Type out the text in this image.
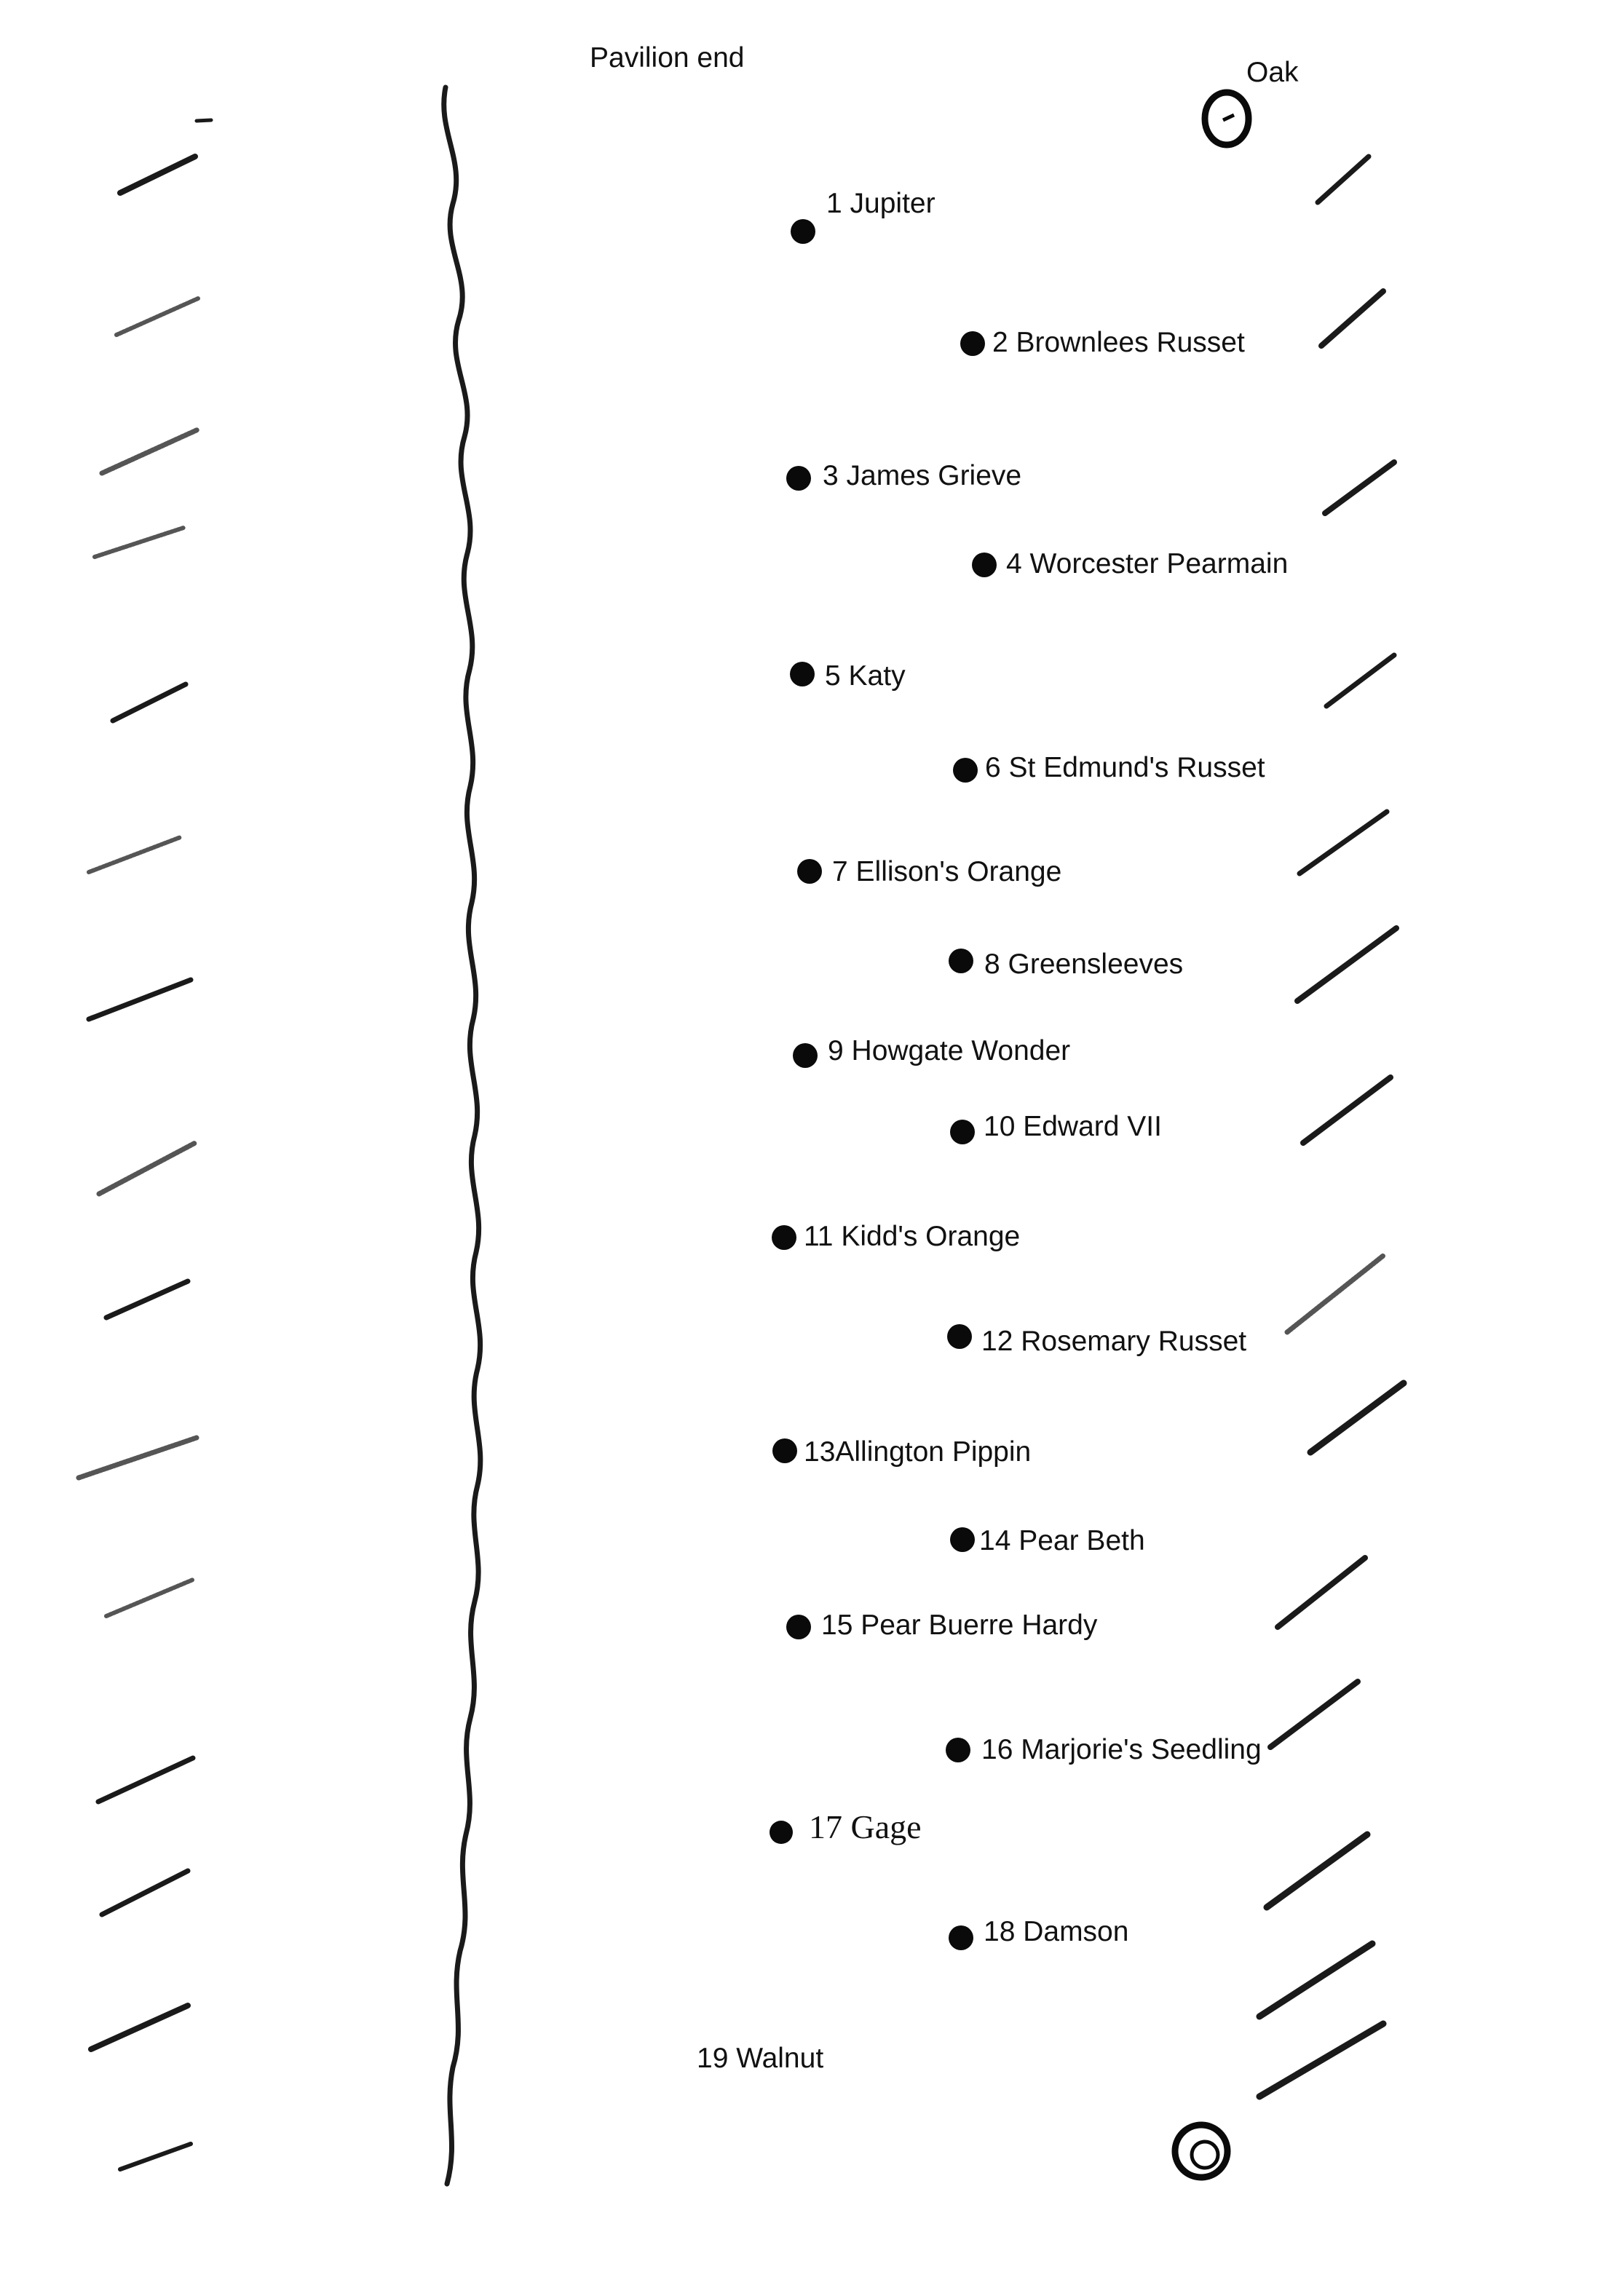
Pavilion end	Oak
1 Jupiter
2 Brownlees Russet
3 James Grieve
4 Worcester Pearmain
5 Katy
6 St Edmund's Russet
7 Ellison's Orange
8 Greensleeves
9 Howgate Wonder
10 Edward VII
11 Kidd's Orange
12 Rosemary Russet
13Allington Pippin
14 Pear Beth
15 Pear Buerre Hardy
16 Marjorie's Seedling
17 Gage
18 Damson
19 Walnut
